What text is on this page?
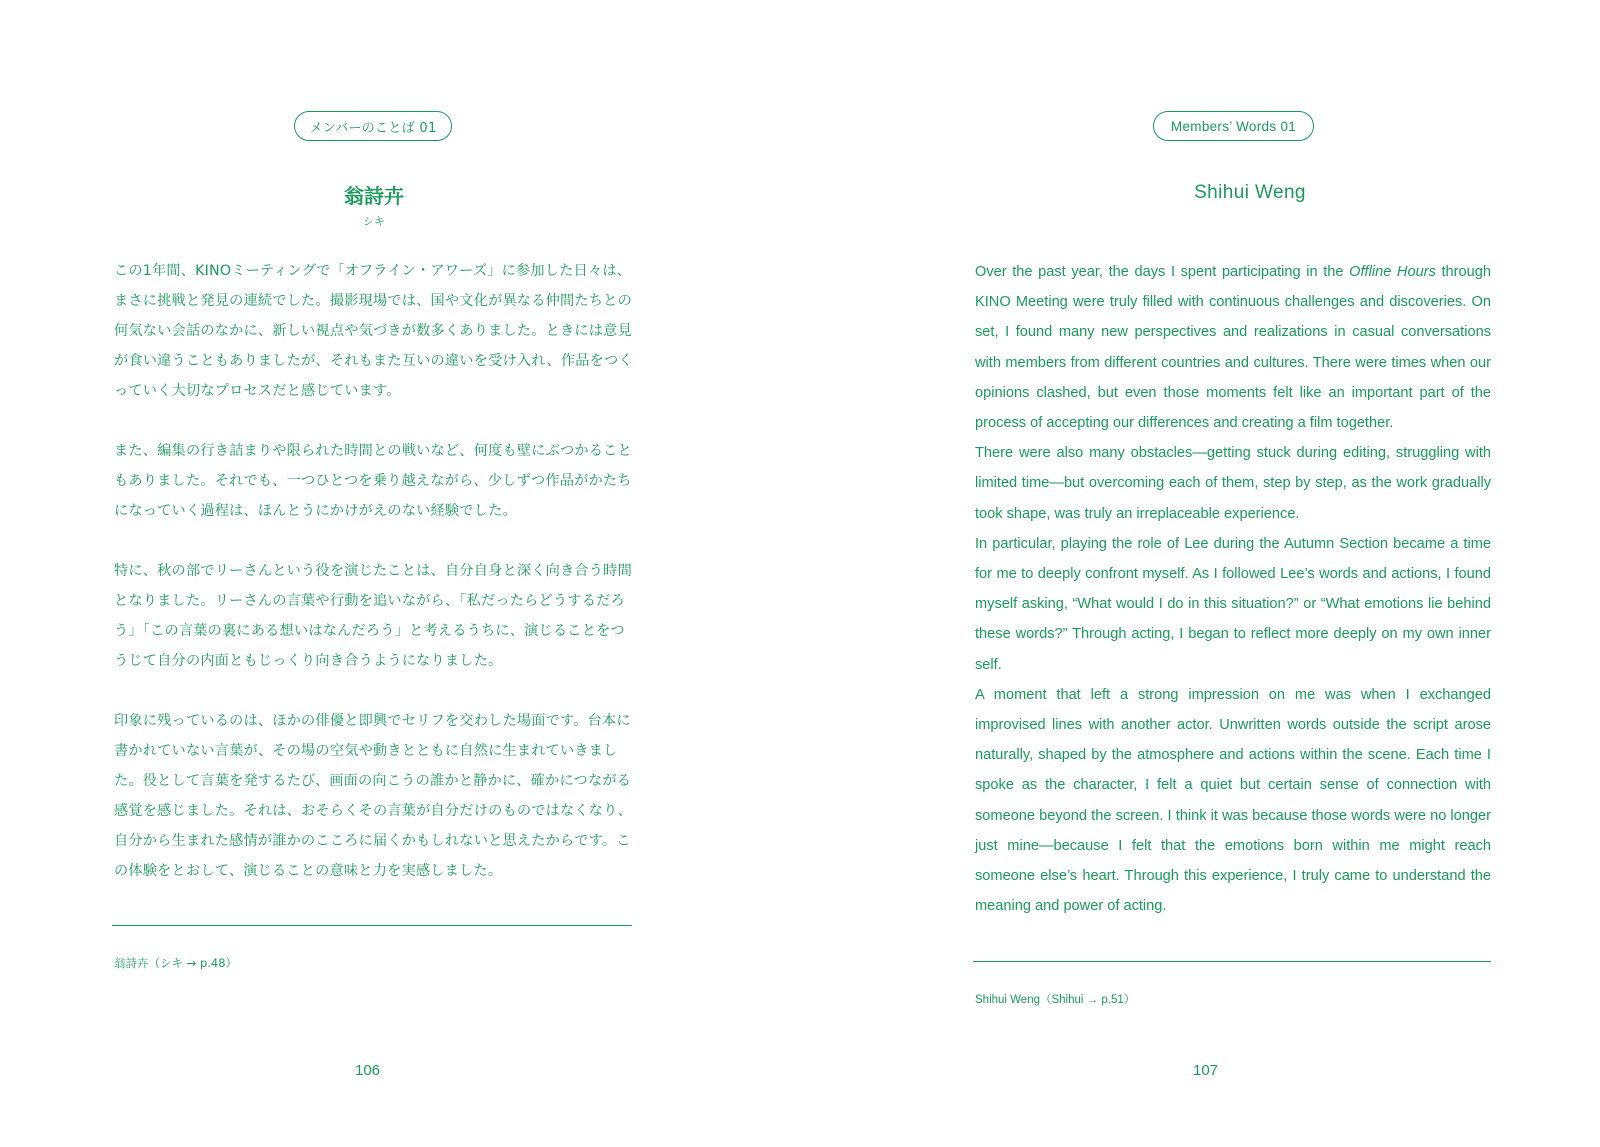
メンバーのことば 01
翁詩卉
シキ

この1年間、KINOミーティングで「オフライン・アワーズ」に参加した日々は、まさに挑戦と発見の連続でした。撮影現場では、国や文化が異なる仲間たちとの何気ない会話のなかに、新しい視点や気づきが数多くありました。ときには意見が食い違うこともありましたが、それもまた互いの違いを受け入れ、作品をつくっていく大切なプロセスだと感じています。

また、編集の行き詰まりや限られた時間との戦いなど、何度も壁にぶつかることもありました。それでも、一つひとつを乗り越えながら、少しずつ作品がかたちになっていく過程は、ほんとうにかけがえのない経験でした。

特に、秋の部でリーさんという役を演じたことは、自分自身と深く向き合う時間となりました。リーさんの言葉や行動を追いながら、「私だったらどうするだろう」「この言葉の裏にある想いはなんだろう」と考えるうちに、演じることをつうじて自分の内面ともじっくり向き合うようになりました。

印象に残っているのは、ほかの俳優と即興でセリフを交わした場面です。台本に書かれていない言葉が、その場の空気や動きとともに自然に生まれていきました。役として言葉を発するたび、画面の向こうの誰かと静かに、確かにつながる感覚を感じました。それは、おそらくその言葉が自分だけのものではなくなり、自分から生まれた感情が誰かのこころに届くかもしれないと思えたからです。この体験をとおして、演じることの意味と力を実感しました。

翁詩卉（シキ → p.48）
106
Members’ Words 01
Shihui Weng

Over the past year, the days I spent participating in the Offline Hours through KINO Meeting were truly filled with continuous challenges and discoveries. On set, I found many new perspectives and realizations in casual conversations with members from different countries and cultures. There were times when our opinions clashed, but even those moments felt like an important part of the process of accepting our differences and creating a film together.

There were also many obstacles—getting stuck during editing, struggling with limited time—but overcoming each of them, step by step, as the work gradually took shape, was truly an irreplaceable experience.

In particular, playing the role of Lee during the Autumn Section became a time for me to deeply confront myself. As I followed Lee’s words and actions, I found myself asking, “What would I do in this situation?” or “What emotions lie behind these words?” Through acting, I began to reflect more deeply on my own inner self.

A moment that left a strong impression on me was when I exchanged improvised lines with another actor. Unwritten words outside the script arose naturally, shaped by the atmosphere and actions within the scene. Each time I spoke as the character, I felt a quiet but certain sense of connection with someone beyond the screen. I think it was because those words were no longer just mine—because I felt that the emotions born within me might reach someone else’s heart. Through this experience, I truly came to understand the meaning and power of acting.

Shihui Weng（Shihui → p.51）
107
